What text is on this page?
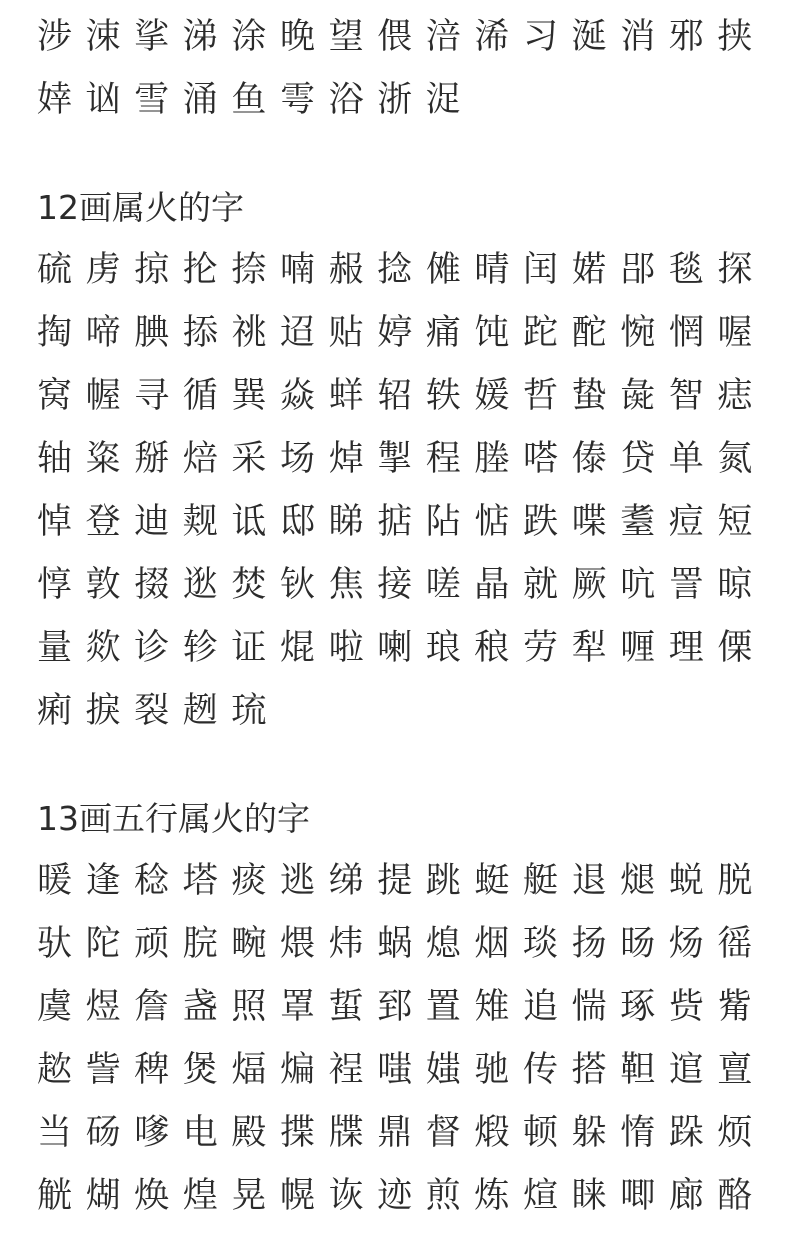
涉涑挲涕涂晚望偎涪浠习涎消邪挟
婞讻雪涌鱼雩浴浙浞
12画属火的字
硫虏掠抡捺喃赧捻傩晴闰婼郘毯探
掏啼腆掭祧迢贴婷痛饨跎酡惋惘喔
窝幄寻循巽焱蛘轺轶媛哲蛰彘智痣
轴粢掰焙采场焯掣程塍嗒傣贷单氮
悼登迪觌诋邸睇掂阽惦跌喋耋痘短
惇敦掇逖焚钬焦接嗟晶就厥吭詈晾
量欻诊轸证焜啦喇琅稂劳犁喱理傈
痢捩裂趔琉
13画五行属火的字
暖逢稔塔痰逃绨提跳蜓艇退煺蜕脱
驮陀顽脘畹煨炜蜗熄烟琰扬旸炀徭
虞煜詹盏照罩蜇郅置雉追惴琢赀觜
趑訾稗煲煏煸裎嗤媸驰传搭靼逭亶
当砀嗲电殿揲牒鼎督煅顿躲惰跺烦
觥煳焕煌晃幌诙迹煎炼煊睐唧廊酪
